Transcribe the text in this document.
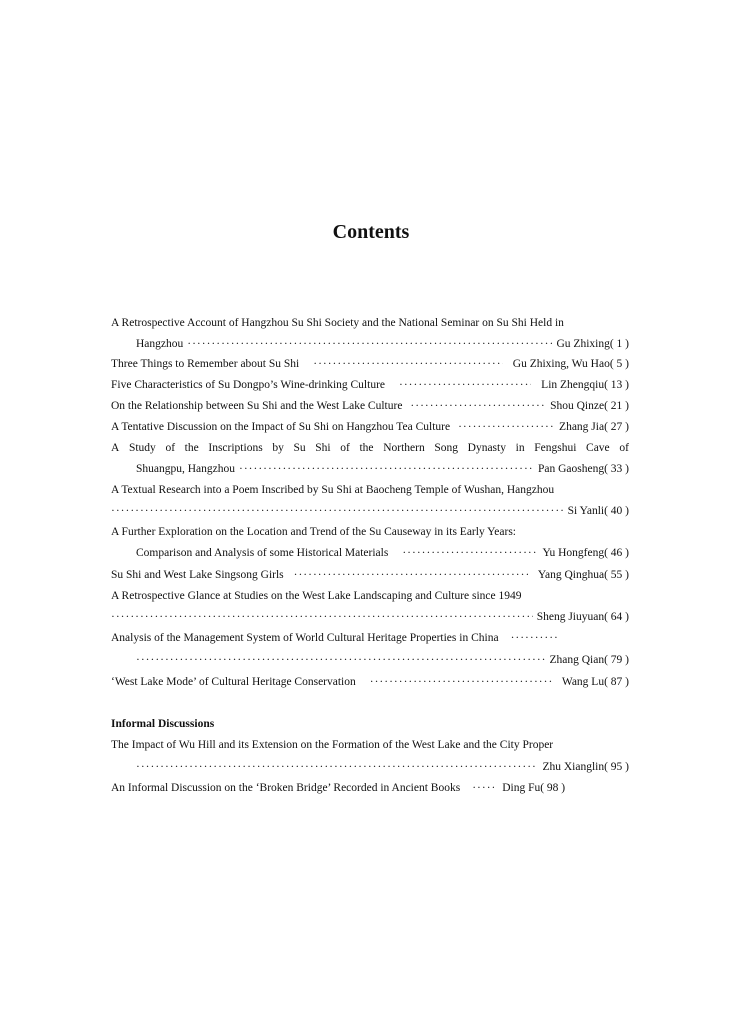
Contents
A Retrospective Account of Hangzhou Su Shi Society and the National Seminar on Su Shi Held in
Hangzhou ·····	Gu Zhixing( 1 )
Three Things to Remember about Su Shi ·····	Gu Zhixing, Wu Hao( 5 )
Five Characteristics of Su Dongpo’s Wine-drinking Culture ·····	Lin Zhengqiu( 13 )
On the Relationship between Su Shi and the West Lake Culture ·····	Shou Qinze( 21 )
A Tentative Discussion on the Impact of Su Shi on Hangzhou Tea Culture ·····	Zhang Jia( 27 )
A Study of the Inscriptions by Su Shi of the Northern Song Dynasty in Fengshui Cave of
Shuangpu, Hangzhou ·····	Pan Gaosheng( 33 )
A Textual Research into a Poem Inscribed by Su Shi at Baocheng Temple of Wushan, Hangzhou
·····
Si Yanli( 40 )
A Further Exploration on the Location and Trend of the Su Causeway in its Early Years:
Comparison and Analysis of some Historical Materials ·····	Yu Hongfeng( 46 )
Su Shi and West Lake Singsong Girls ·····	Yang Qinghua( 55 )
A Retrospective Glance at Studies on the West Lake Landscaping and Culture since 1949
·····
Sheng Jiuyuan( 64 )
Analysis of the Management System of World Cultural Heritage Properties in China
·····
·····
Zhang Qian( 79 )
‘West Lake Mode’ of Cultural Heritage Conservation ·····	Wang Lu( 87 )
Informal Discussions
The Impact of Wu Hill and its Extension on the Formation of the West Lake and the City Proper
·····
Zhu Xianglin( 95 )
An Informal Discussion on the ‘Broken Bridge’ Recorded in Ancient Books ·····	Ding Fu( 98 )
